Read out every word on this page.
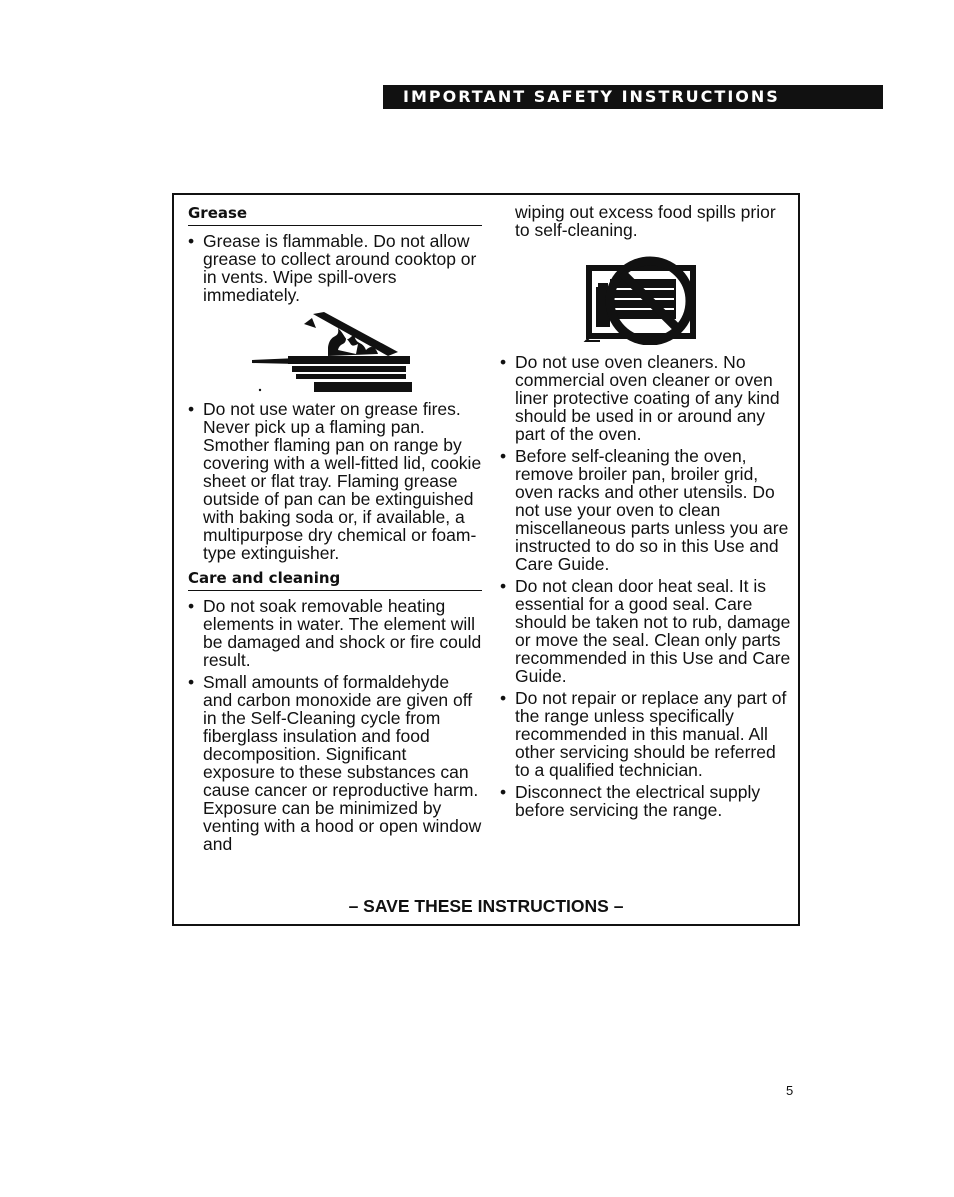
IMPORTANT SAFETY INSTRUCTIONS
Grease

• Grease is flammable. Do not allow grease to collect around cooktop or in vents. Wipe spill-overs immediately.

• Do not use water on grease fires. Never pick up a flaming pan. Smother flaming pan on range by covering with a well-fitted lid, cookie sheet or flat tray. Flaming grease outside of pan can be extinguished with baking soda or, if available, a multipurpose dry chemical or foam-type extinguisher.

Care and cleaning

• Do not soak removable heating elements in water. The element will be damaged and shock or fire could result.

• Small amounts of formaldehyde and carbon monoxide are given off in the Self-Cleaning cycle from fiberglass insulation and food decomposition. Significant exposure to these substances can cause cancer or reproductive harm. Exposure can be minimized by venting with a hood or open window and

wiping out excess food spills prior to self-cleaning.

• Do not use oven cleaners. No commercial oven cleaner or oven liner protective coating of any kind should be used in or around any part of the oven.

• Before self-cleaning the oven, remove broiler pan, broiler grid, oven racks and other utensils. Do not use your oven to clean miscellaneous parts unless you are instructed to do so in this Use and Care Guide.

• Do not clean door heat seal. It is essential for a good seal. Care should be taken not to rub, damage or move the seal. Clean only parts recommended in this Use and Care Guide.

• Do not repair or replace any part of the range unless specifically recommended in this manual. All other servicing should be referred to a qualified technician.

• Disconnect the electrical supply before servicing the range.

– SAVE THESE INSTRUCTIONS –
5
